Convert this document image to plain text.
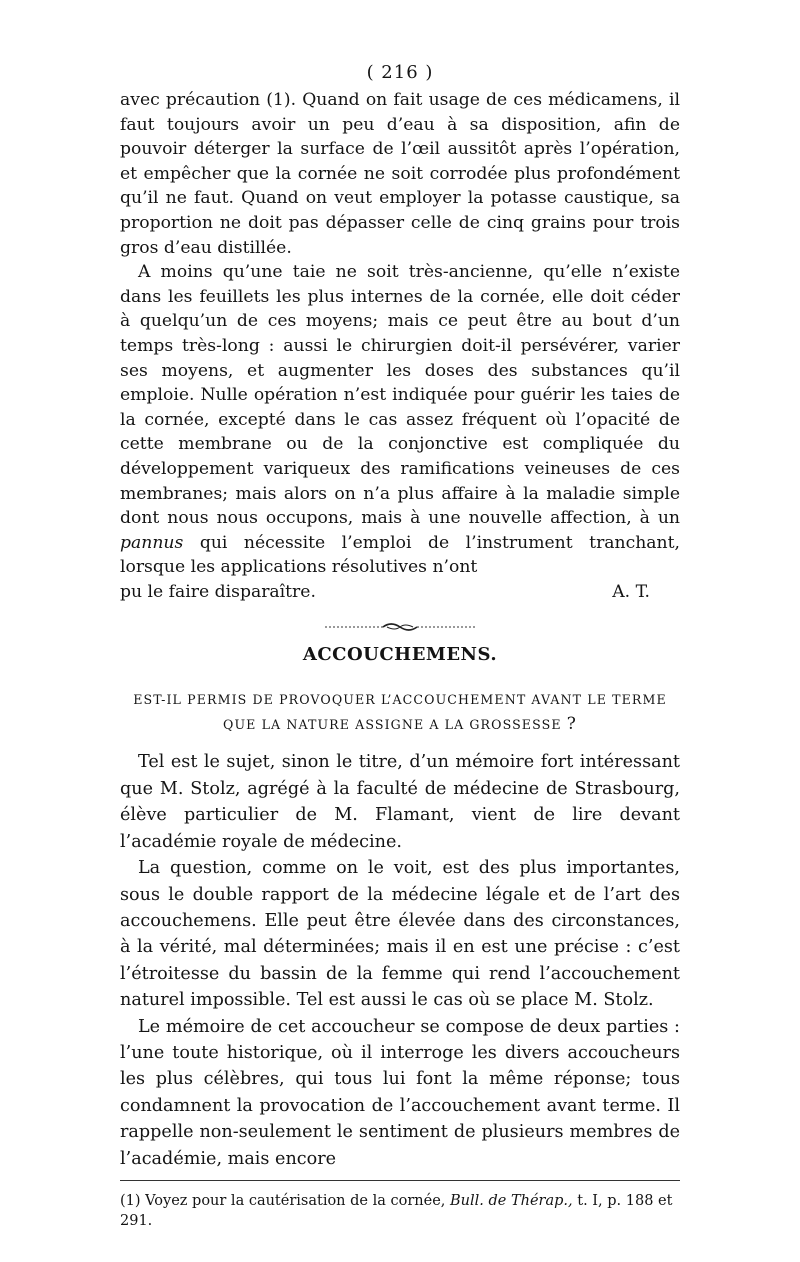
( 216 )

avec précaution (1). Quand on fait usage de ces médicamens, il faut toujours avoir un peu d’eau à sa disposition, afin de pouvoir déterger la surface de l’œil aussitôt après l’opération, et empêcher que la cornée ne soit corrodée plus profondément qu’il ne faut. Quand on veut employer la potasse caustique, sa proportion ne doit pas dépasser celle de cinq grains pour trois gros d’eau distillée.

A moins qu’une taie ne soit très-ancienne, qu’elle n’existe dans les feuillets les plus internes de la cornée, elle doit céder à quelqu’un de ces moyens; mais ce peut être au bout d’un temps très-long : aussi le chirurgien doit-il persévérer, varier ses moyens, et augmenter les doses des substances qu’il emploie. Nulle opération n’est indiquée pour guérir les taies de la cornée, excepté dans le cas assez fréquent où l’opacité de cette membrane ou de la conjonctive est compliquée du développement variqueux des ramifications veineuses de ces membranes; mais alors on n’a plus affaire à la maladie simple dont nous nous occupons, mais à une nouvelle affection, à un pannus qui nécessite l’emploi de l’instrument tranchant, lorsque les applications résolutives n’ont

pu le faire disparaître.	A. T.
ACCOUCHEMENS.
EST-IL PERMIS DE PROVOQUER L’ACCOUCHEMENT AVANT LE TERME
QUE LA NATURE ASSIGNE A LA GROSSESSE ?

Tel est le sujet, sinon le titre, d’un mémoire fort intéressant que M. Stolz, agrégé à la faculté de médecine de Strasbourg, élève particulier de M. Flamant, vient de lire devant l’académie royale de médecine.

La question, comme on le voit, est des plus importantes, sous le double rapport de la médecine légale et de l’art des accouchemens. Elle peut être élevée dans des circonstances, à la vérité, mal déterminées; mais il en est une précise : c’est l’étroitesse du bassin de la femme qui rend l’accouchement naturel impossible. Tel est aussi le cas où se place M. Stolz.

Le mémoire de cet accoucheur se compose de deux parties : l’une toute historique, où il interroge les divers accoucheurs les plus célèbres, qui tous lui font la même réponse; tous condamnent la provocation de l’accouchement avant terme. Il rappelle non-seulement le sentiment de plusieurs membres de l’académie, mais encore

(1) Voyez pour la cautérisation de la cornée, Bull. de Thérap., t. I, p. 188 et 291.
